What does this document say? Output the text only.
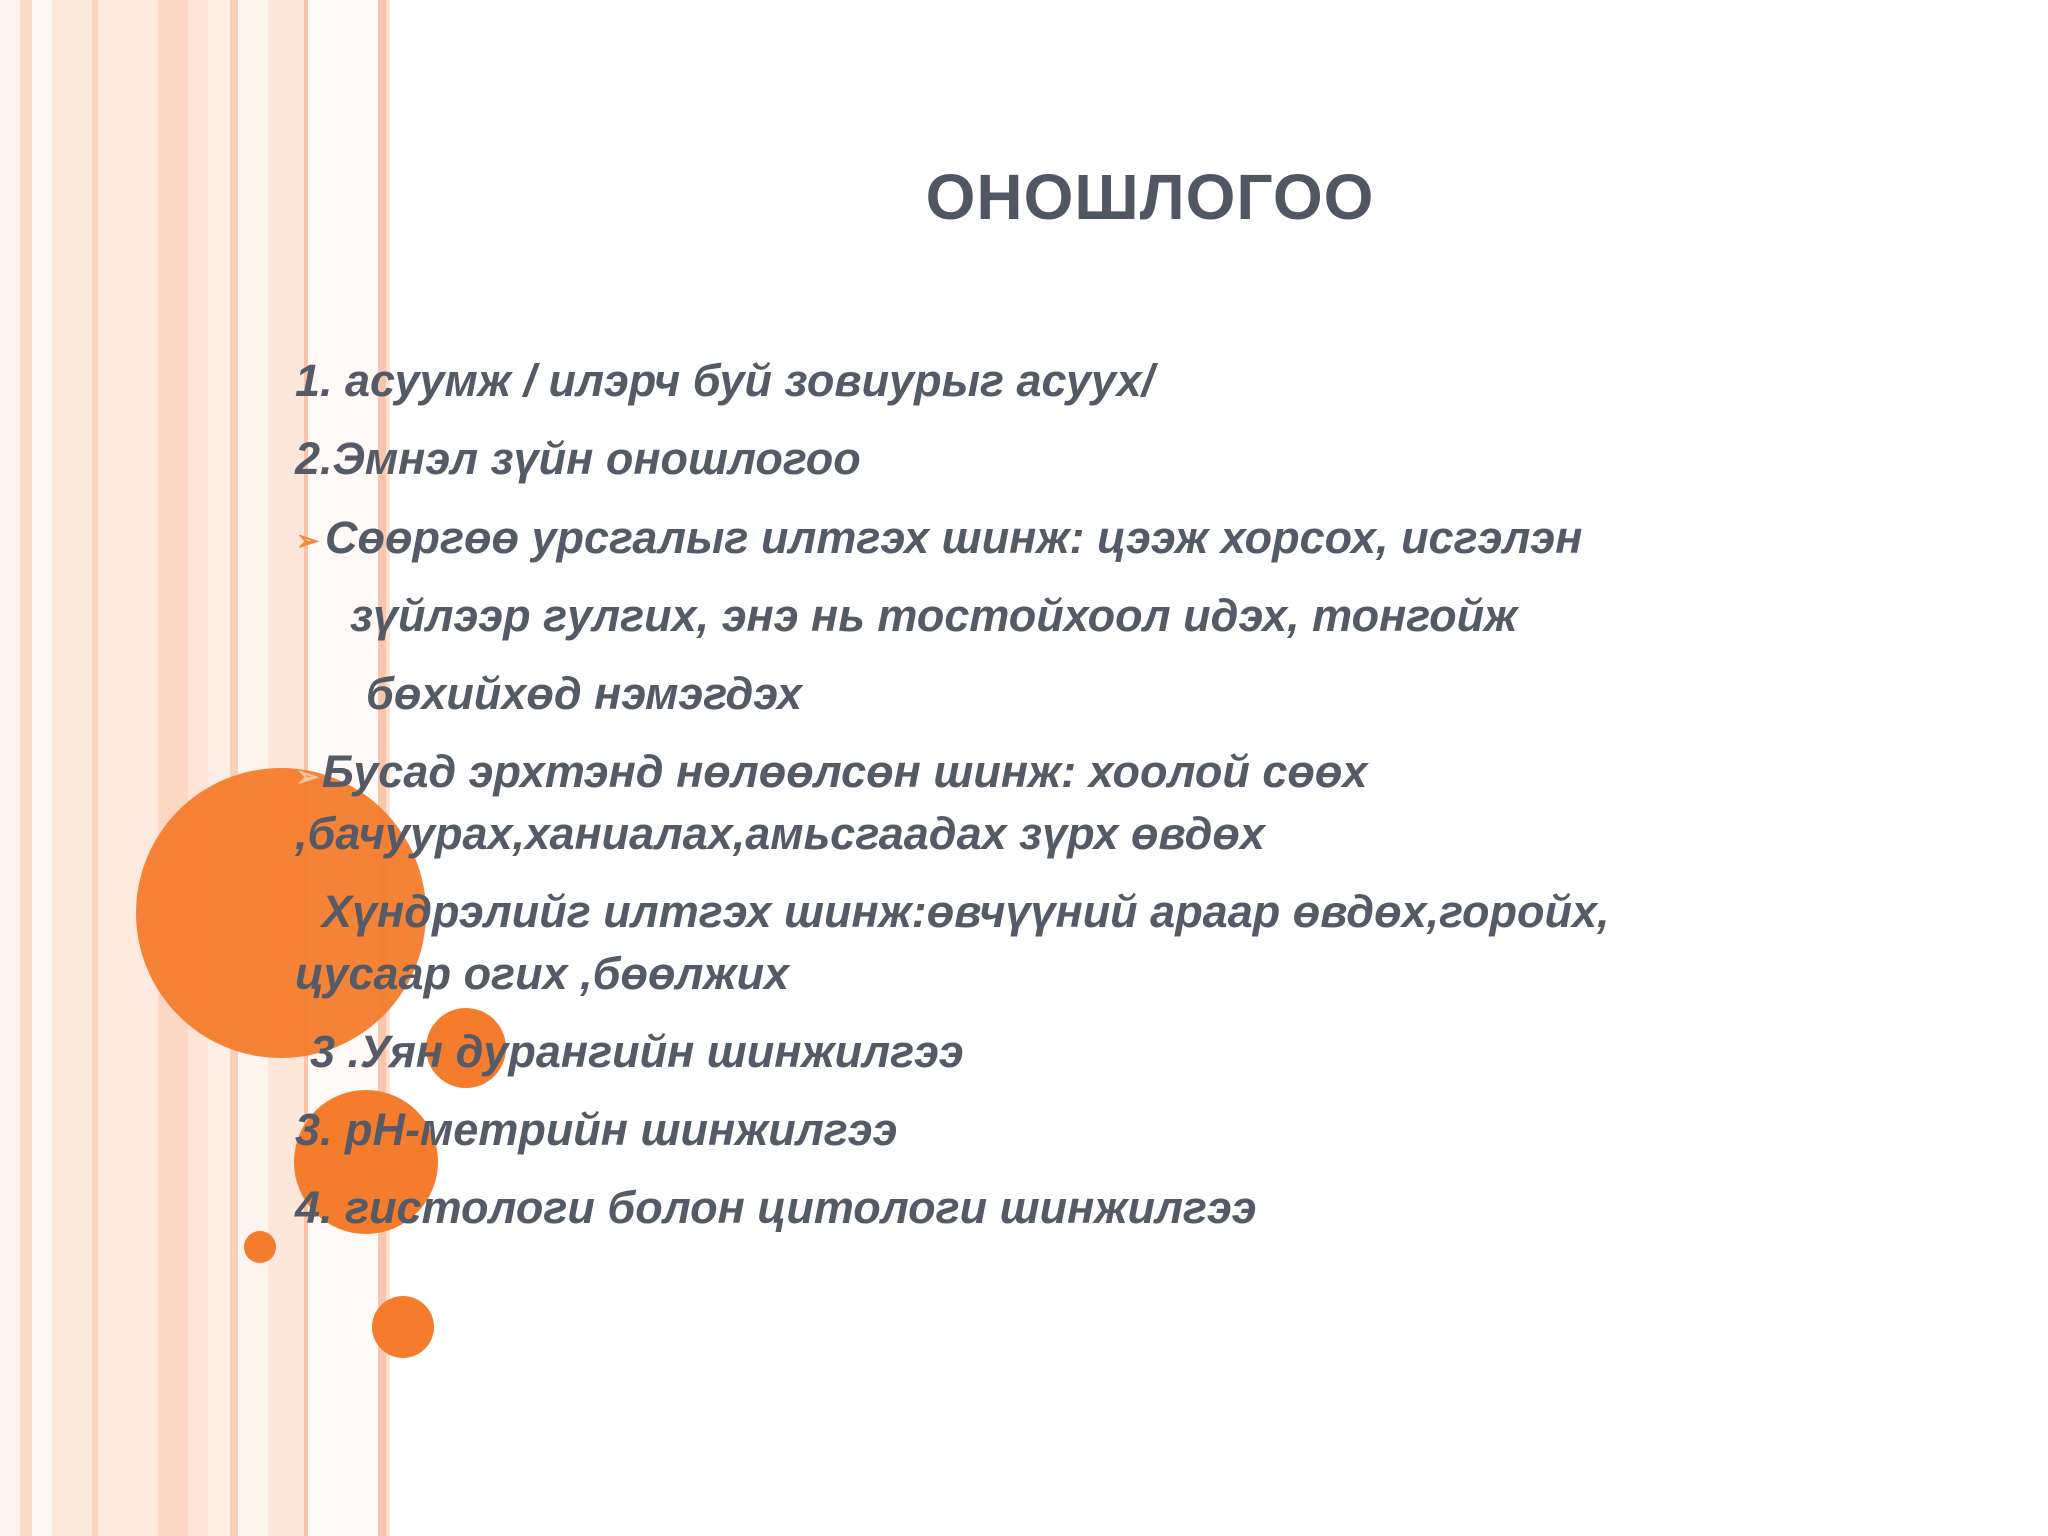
ОНОШЛОГОО

1. асуумж / илэрч буй зовиурыг асуух/

2.Эмнэл зүйн оношлогоо

➢ Сөөргөө урсгалыг илтгэх шинж: цээж хорсох, исгэлэн

зүйлээр гулгих, энэ нь тостойхоол идэх, тонгойж

бөхийхөд нэмэгдэх

➢ Бусад эрхтэнд нөлөөлсөн шинж: хоолой сөөх

,бачуурах,ханиалах,амьсгаадах зүрх өвдөх

Хүндрэлийг илтгэх шинж:өвчүүний араар өвдөх,горойх,

цусаар огих ,бөөлжих

3 .Уян дурангийн шинжилгээ

3. pH-метрийн шинжилгээ

4. гистологи болон цитологи шинжилгээ
